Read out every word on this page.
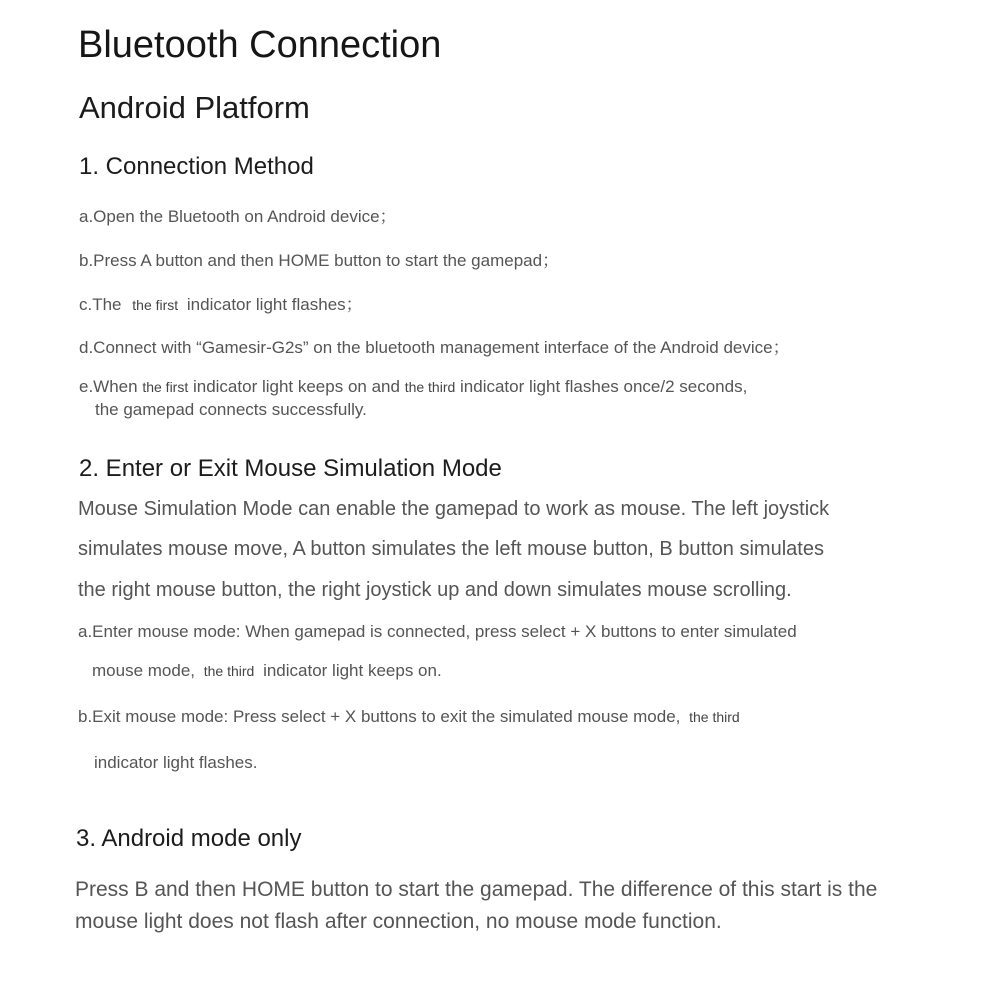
Bluetooth Connection
Android Platform
1. Connection Method
a.Open the Bluetooth on Android device；
b.Press A button and then HOME button to start the gamepad；
c.The the first indicator light flashes；
d.Connect with “Gamesir-G2s” on the bluetooth management interface of the Android device；
e.When the first indicator light keeps on and the third indicator light flashes once/2 seconds,
the gamepad connects successfully.
2. Enter or Exit Mouse Simulation Mode
Mouse Simulation Mode can enable the gamepad to work as mouse. The left joystick
simulates mouse move, A button simulates the left mouse button, B button simulates
the right mouse button, the right joystick up and down simulates mouse scrolling.
a.Enter mouse mode: When gamepad is connected, press select + X buttons to enter simulated
mouse mode, the third indicator light keeps on.
b.Exit mouse mode: Press select + X buttons to exit the simulated mouse mode, the third
indicator light flashes.
3. Android mode only
Press B and then HOME button to start the gamepad. The difference of this start is the
mouse light does not flash after connection, no mouse mode function.
